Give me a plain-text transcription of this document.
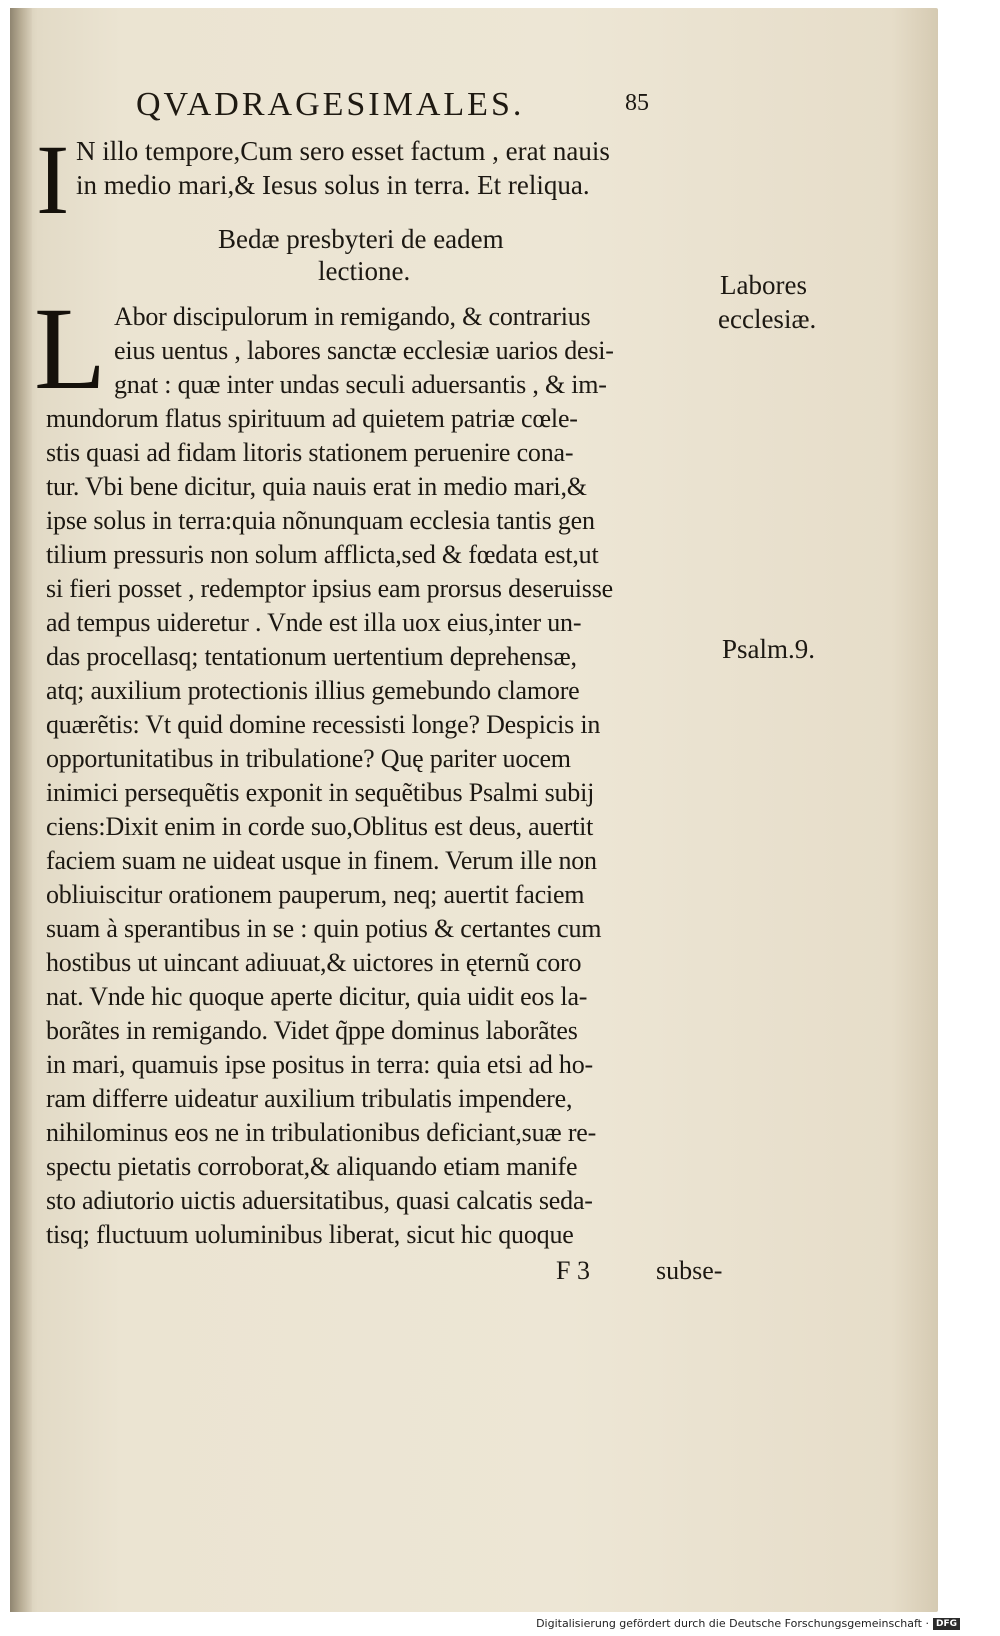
QVADRAGESIMALES.	85
I N illo tempore,Cum sero esset factum , erat nauis
in medio mari,& Iesus solus in terra. Et reliqua.
Bedæ presbyteri de eadem
lectione.	Labores
ecclesiæ.
Psalm.9.
L Abor discipulorum in remigando, & contrarius
eius uentus , labores sanctæ ecclesiæ uarios desi-
gnat : quæ inter undas seculi aduersantis , & im-
mundorum flatus spirituum ad quietem patriæ cœle-
stis quasi ad fidam litoris stationem peruenire cona-
tur. Vbi bene dicitur, quia nauis erat in medio mari,&
ipse solus in terra:quia nõnunquam ecclesia tantis gen
tilium pressuris non solum afflicta,sed & fœdata est,ut
si fieri posset , redemptor ipsius eam prorsus deseruisse
ad tempus uideretur . Vnde est illa uox eius,inter un-
das procellasq; tentationum uertentium deprehensæ,
atq; auxilium protectionis illius gemebundo clamore
quærẽtis: Vt quid domine recessisti longe? Despicis in
opportunitatibus in tribulatione? Quę pariter uocem
inimici persequẽtis exponit in sequẽtibus Psalmi subij
ciens:Dixit enim in corde suo,Oblitus est deus, auertit
faciem suam ne uideat usque in finem. Verum ille non
obliuiscitur orationem pauperum, neq; auertit faciem
suam à sperantibus in se : quin potius & certantes cum
hostibus ut uincant adiuuat,& uictores in ęternũ coro
nat. Vnde hic quoque aperte dicitur, quia uidit eos la-
borãtes in remigando. Videt q̃ppe dominus laborãtes
in mari, quamuis ipse positus in terra: quia etsi ad ho-
ram differre uideatur auxilium tribulatis impendere,
nihilominus eos ne in tribulationibus deficiant,suæ re-
spectu pietatis corroborat,& aliquando etiam manife
sto adiutorio uictis aduersitatibus, quasi calcatis seda-
tisq; fluctuum uoluminibus liberat, sicut hic quoque
F 3	subse-
Digitalisierung gefördert durch die Deutsche Forschungsgemeinschaft · DFG
